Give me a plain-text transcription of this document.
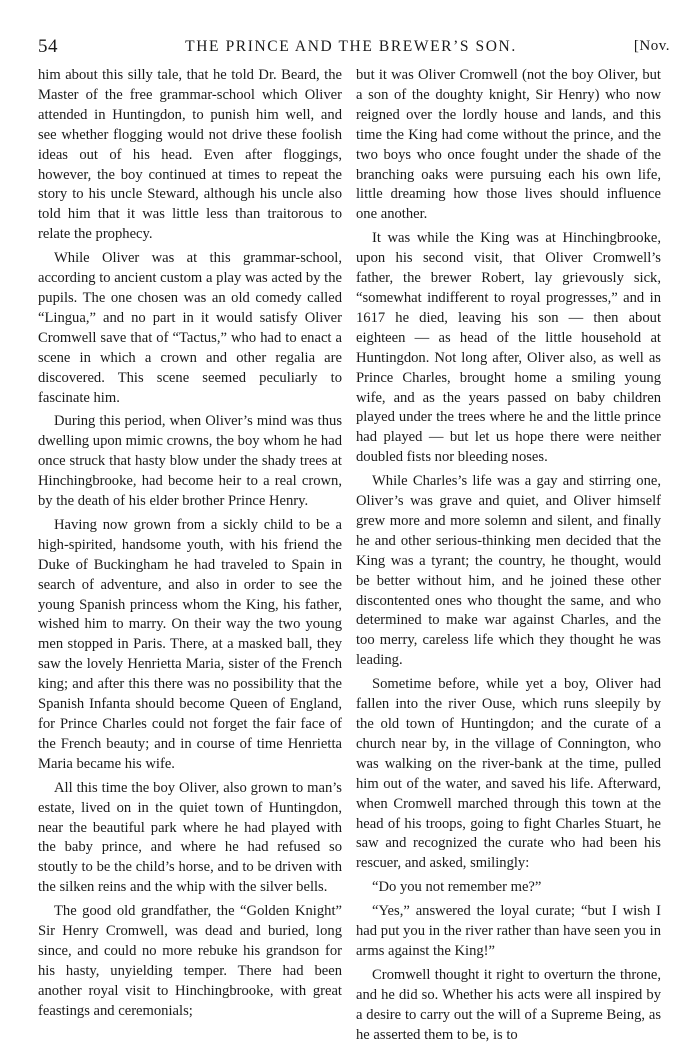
54	THE PRINCE AND THE BREWER’S SON.	[Nov.

him about this silly tale, that he told Dr. Beard, the Master of the free grammar-school which Oliver attended in Huntingdon, to punish him well, and see whether flogging would not drive these foolish ideas out of his head. Even after floggings, however, the boy continued at times to repeat the story to his uncle Steward, although his uncle also told him that it was little less than traitorous to relate the prophecy.

While Oliver was at this grammar-school, according to ancient custom a play was acted by the pupils. The one chosen was an old comedy called “Lingua,” and no part in it would satisfy Oliver Cromwell save that of “Tactus,” who had to enact a scene in which a crown and other regalia are discovered. This scene seemed peculiarly to fascinate him.

During this period, when Oliver’s mind was thus dwelling upon mimic crowns, the boy whom he had once struck that hasty blow under the shady trees at Hinchingbrooke, had become heir to a real crown, by the death of his elder brother Prince Henry.

Having now grown from a sickly child to be a high-spirited, handsome youth, with his friend the Duke of Buckingham he had traveled to Spain in search of adventure, and also in order to see the young Spanish princess whom the King, his father, wished him to marry. On their way the two young men stopped in Paris. There, at a masked ball, they saw the lovely Henrietta Maria, sister of the French king; and after this there was no possibility that the Spanish Infanta should become Queen of England, for Prince Charles could not forget the fair face of the French beauty; and in course of time Henrietta Maria became his wife.

All this time the boy Oliver, also grown to man’s estate, lived on in the quiet town of Huntingdon, near the beautiful park where he had played with the baby prince, and where he had refused so stoutly to be the child’s horse, and to be driven with the silken reins and the whip with the silver bells.

The good old grandfather, the “Golden Knight” Sir Henry Cromwell, was dead and buried, long since, and could no more rebuke his grandson for his hasty, unyielding temper. There had been another royal visit to Hinchingbrooke, with great feastings and ceremonials;

but it was Oliver Cromwell (not the boy Oliver, but a son of the doughty knight, Sir Henry) who now reigned over the lordly house and lands, and this time the King had come without the prince, and the two boys who once fought under the shade of the branching oaks were pursuing each his own life, little dreaming how those lives should influence one another.

It was while the King was at Hinchingbrooke, upon his second visit, that Oliver Cromwell’s father, the brewer Robert, lay grievously sick, “somewhat indifferent to royal progresses,” and in 1617 he died, leaving his son — then about eighteen — as head of the little household at Huntingdon. Not long after, Oliver also, as well as Prince Charles, brought home a smiling young wife, and as the years passed on baby children played under the trees where he and the little prince had played — but let us hope there were neither doubled fists nor bleeding noses.

While Charles’s life was a gay and stirring one, Oliver’s was grave and quiet, and Oliver himself grew more and more solemn and silent, and finally he and other serious-thinking men decided that the King was a tyrant; the country, he thought, would be better without him, and he joined these other discontented ones who thought the same, and who determined to make war against Charles, and the too merry, careless life which they thought he was leading.

Sometime before, while yet a boy, Oliver had fallen into the river Ouse, which runs sleepily by the old town of Huntingdon; and the curate of a church near by, in the village of Connington, who was walking on the river-bank at the time, pulled him out of the water, and saved his life. Afterward, when Cromwell marched through this town at the head of his troops, going to fight Charles Stuart, he saw and recognized the curate who had been his rescuer, and asked, smilingly:

“Do you not remember me?”

“Yes,” answered the loyal curate; “but I wish I had put you in the river rather than have seen you in arms against the King!”

Cromwell thought it right to overturn the throne, and he did so. Whether his acts were all inspired by a desire to carry out the will of a Supreme Being, as he asserted them to be, is to
